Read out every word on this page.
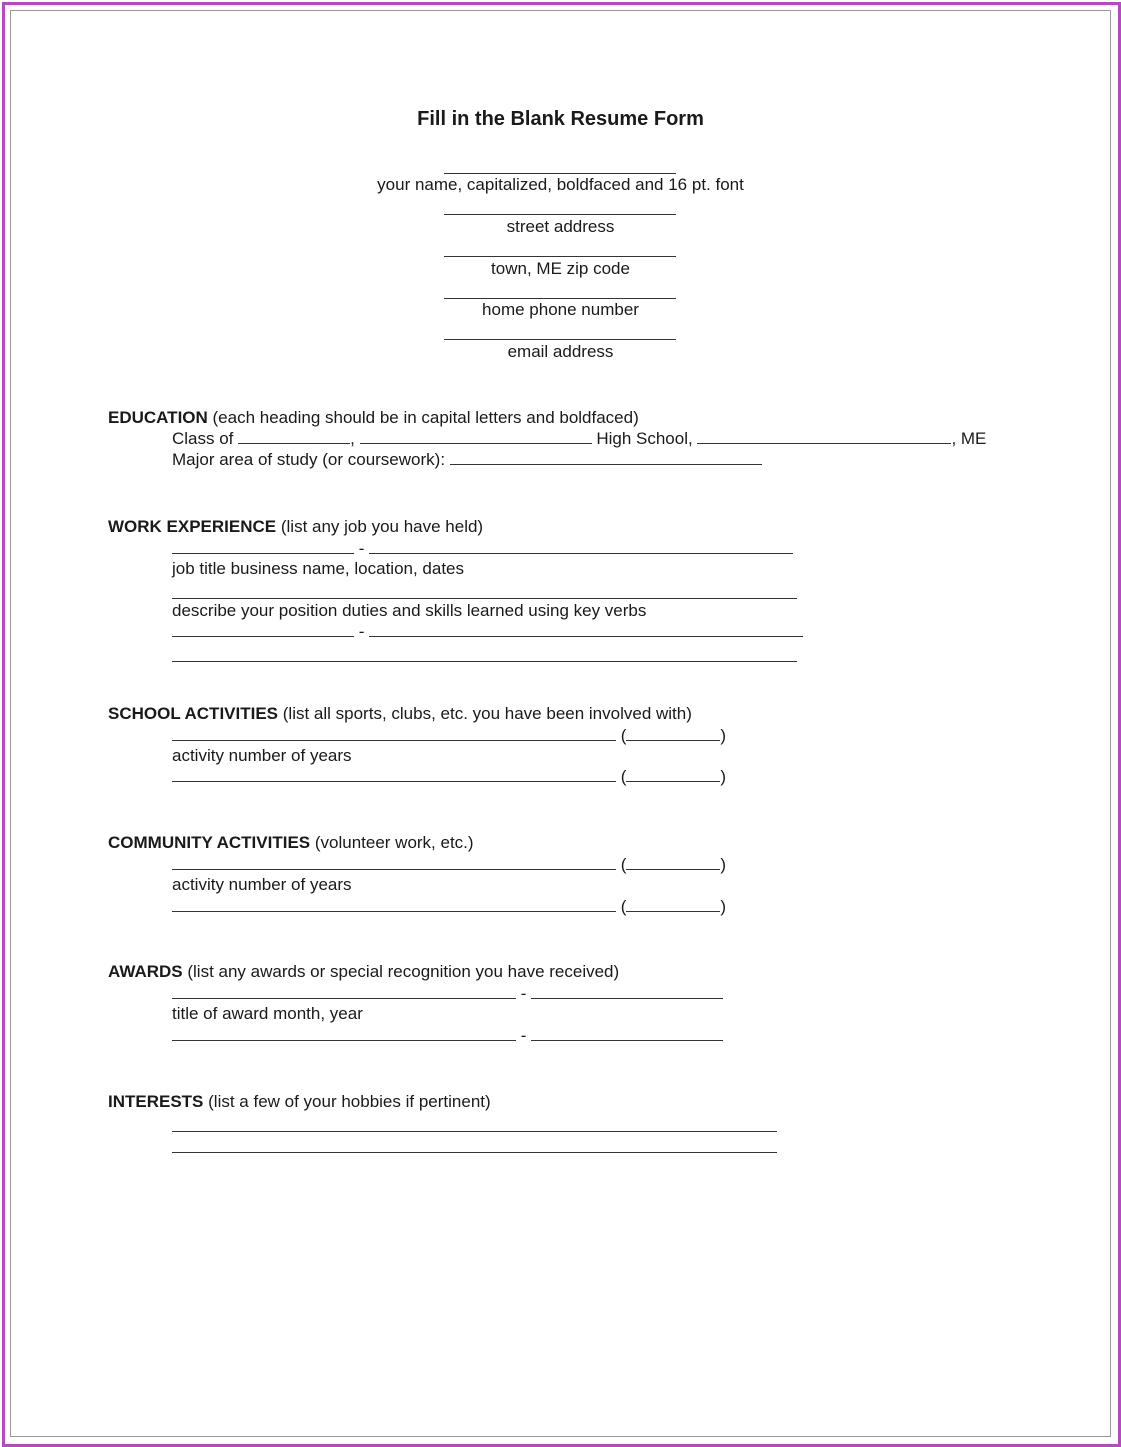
Fill in the Blank Resume Form
your name, capitalized, boldfaced and 16 pt. font
street address
town, ME zip code
home phone number
email address
EDUCATION (each heading should be in capital letters and boldfaced)
Class of	,	High School,	, ME
Major area of study (or coursework):
WORK EXPERIENCE (list any job you have held)
-
job title business name, location, dates
describe your position duties and skills learned using key verbs
-
SCHOOL ACTIVITIES (list all sports, clubs, etc. you have been involved with)
(	)
activity number of years
(	)
COMMUNITY ACTIVITIES (volunteer work, etc.)
(	)
activity number of years
(	)
AWARDS (list any awards or special recognition you have received)
-
title of award month, year
-
INTERESTS (list a few of your hobbies if pertinent)
